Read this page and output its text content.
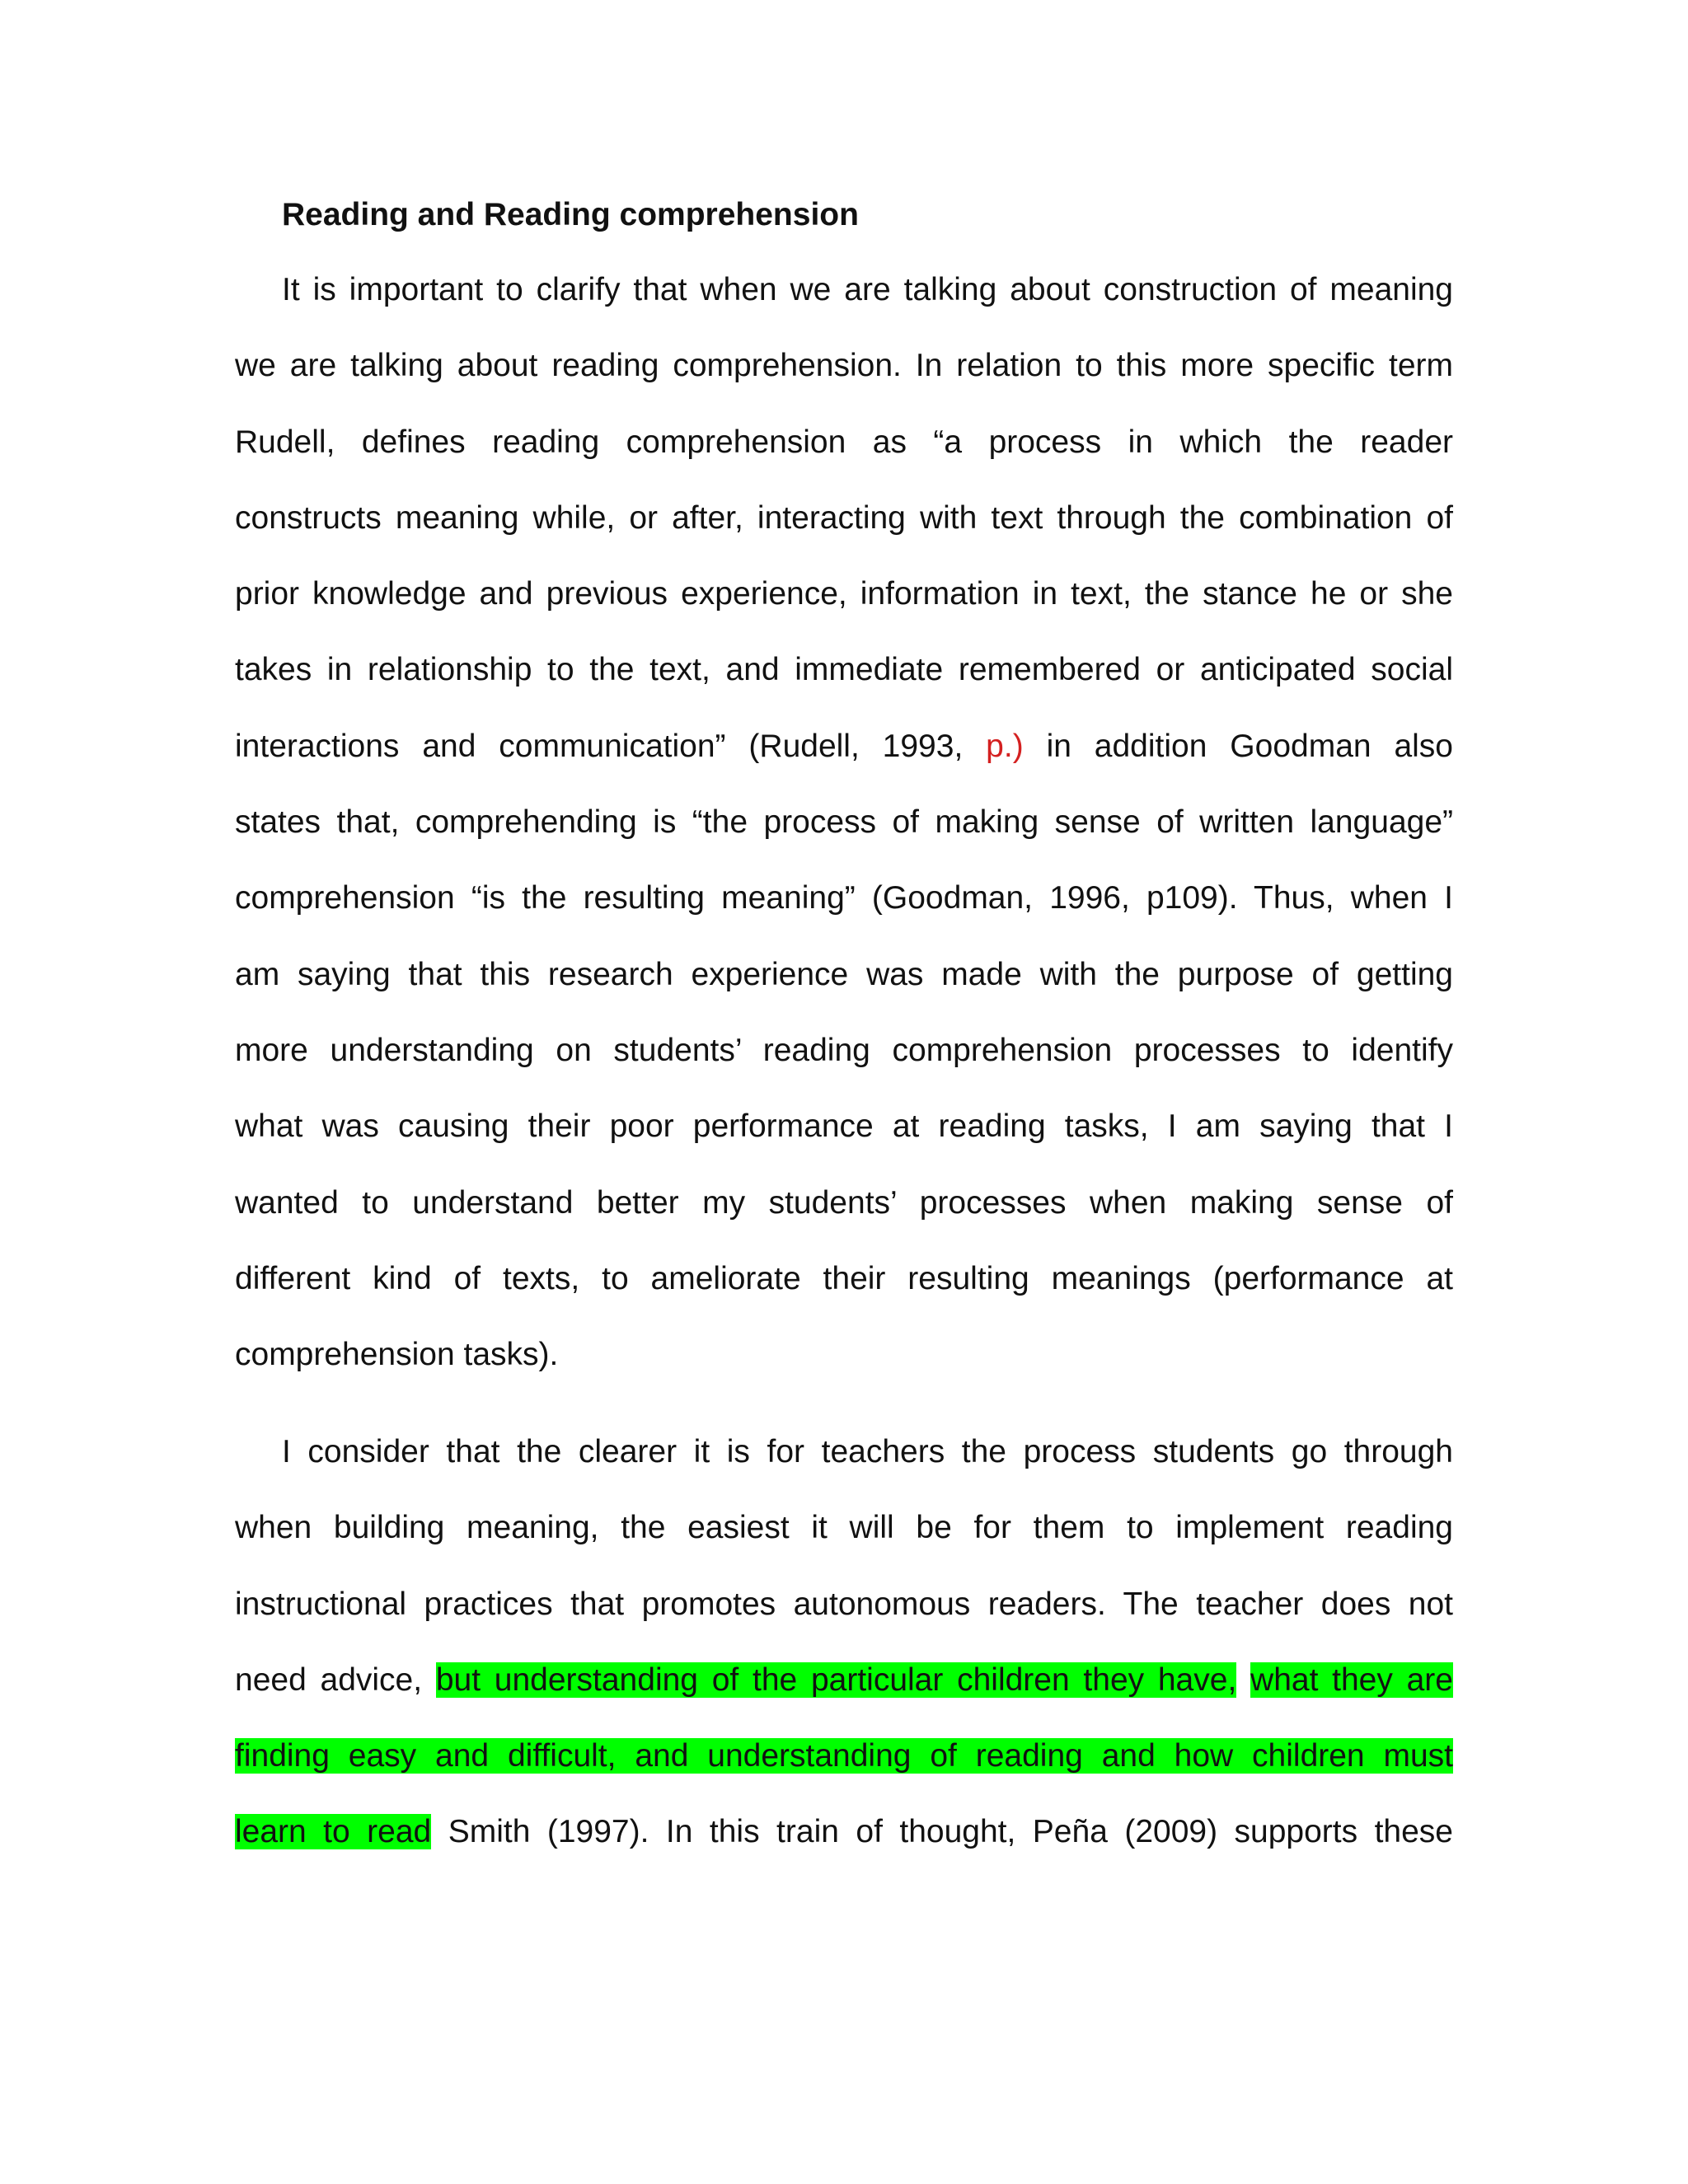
Reading and Reading comprehension
It is important to clarify that when we are talking about construction of meaning
we are talking about reading comprehension. In relation to this more specific term
Rudell, defines reading comprehension as “a process in which the reader
constructs meaning while, or after, interacting with text through the combination of
prior knowledge and previous experience, information in text, the stance he or she
takes in relationship to the text, and immediate remembered or anticipated social
interactions and communication” (Rudell, 1993, p.) in addition Goodman also
states that, comprehending is “the process of making sense of written language”
comprehension “is the resulting meaning” (Goodman, 1996, p109). Thus, when I
am saying that this research experience was made with the purpose of getting
more understanding on students’ reading comprehension processes to identify
what was causing their poor performance at reading tasks, I am saying that I
wanted to understand better my students’ processes when making sense of
different kind of texts, to ameliorate their resulting meanings (performance at
comprehension tasks).
I consider that the clearer it is for teachers the process students go through
when building meaning, the easiest it will be for them to implement reading
instructional practices that promotes autonomous readers. The teacher does not
need advice, but understanding of the particular children they have, what they are
finding easy and difficult, and understanding of reading and how children must
learn to read Smith (1997). In this train of thought, Peña (2009) supports these
